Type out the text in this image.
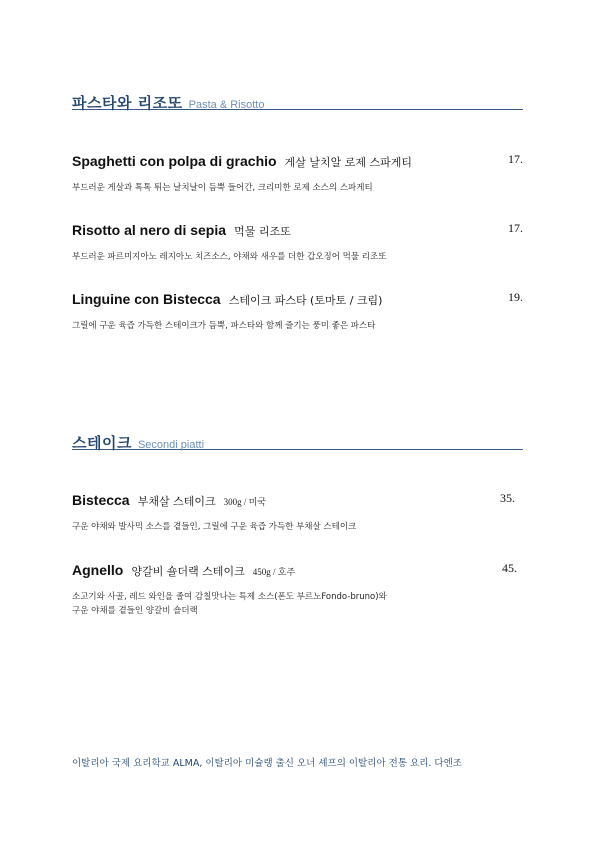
파스타와 리조또 Pasta & Risotto
Spaghetti con polpa di grachio 게살 날치알 로제 스파게티	17.
부드러운 게살과 톡톡 튀는 날치날이 듬뿍 들어간, 크리미한 로제 소스의 스파게티
Risotto al nero di sepia 먹물 리조또	17.
부드러운 파르미지아노 레지아노 치즈소스, 야채와 새우를 더한 갑오징어 먹물 리조또
Linguine con Bistecca 스테이크 파스타 (토마토 / 크림)	19.
그릴에 구운 육즙 가득한 스테이크가 듬뿍, 파스타와 함께 즐기는 풍미 좋은 파스타
스테이크 Secondi piatti
Bistecca 부채살 스테이크 300g / 미국	35.
구운 야채와 발사믹 소스를 곁들인, 그릴에 구운 육즙 가득한 부채살 스테이크
Agnello 양갈비 숄더랙 스테이크 450g / 호주	45.
소고기와 사골, 레드 와인을 졸여 감칠맛나는 특제 소스(폰도 부르노Fondo-bruno)와
구운 야채를 곁들인 양갈비 숄더랙
이탈리아 국제 요리학교 ALMA, 이탈리아 미슐랭 출신 오너 셰프의 이탈리아 전통 요리. 다엔조
